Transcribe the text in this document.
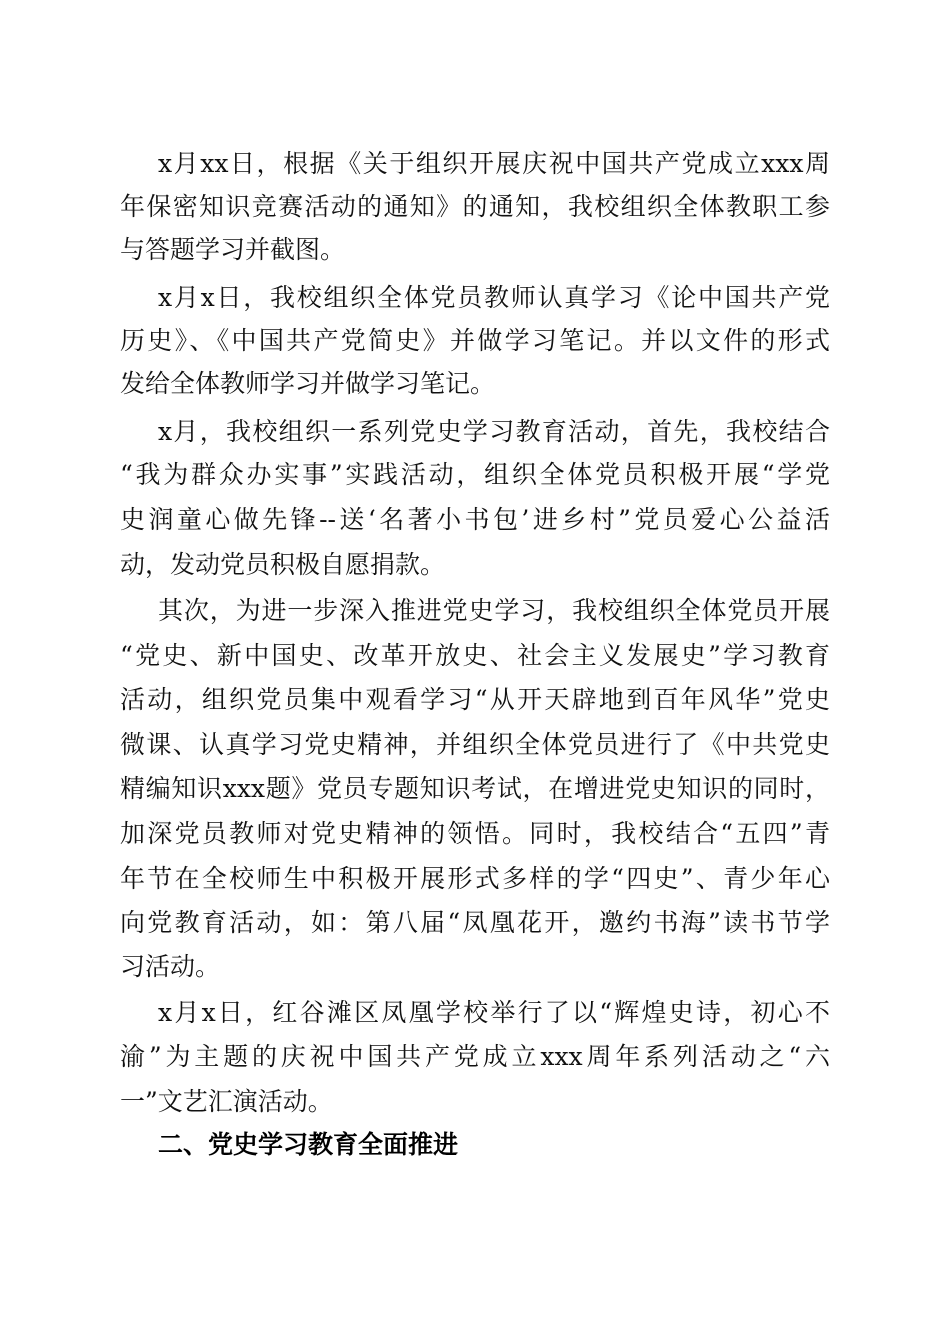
x月xx日，根据《关于组织开展庆祝中国共产党成立xxx周
年保密知识竞赛活动的通知》的通知，我校组织全体教职工参
与答题学习并截图。
x月x日，我校组织全体党员教师认真学习《论中国共产党
历史》、《中国共产党简史》并做学习笔记。并以文件的形式
发给全体教师学习并做学习笔记。
x月，我校组织一系列党史学习教育活动，首先，我校结合
“我为群众办实事”实践活动，组织全体党员积极开展“学党
史润童心做先锋--送‘名著小书包’进乡村”党员爱心公益活
动，发动党员积极自愿捐款。
其次，为进一步深入推进党史学习，我校组织全体党员开展
“党史、新中国史、改革开放史、社会主义发展史”学习教育
活动，组织党员集中观看学习“从开天辟地到百年风华”党史
微课、认真学习党史精神，并组织全体党员进行了《中共党史
精编知识xxx题》党员专题知识考试，在增进党史知识的同时，
加深党员教师对党史精神的领悟。同时，我校结合“五四”青
年节在全校师生中积极开展形式多样的学“四史”、青少年心
向党教育活动，如：第八届“凤凰花开，邀约书海”读书节学
习活动。
x月x日，红谷滩区凤凰学校举行了以“辉煌史诗，初心不
渝”为主题的庆祝中国共产党成立xxx周年系列活动之“六
一”文艺汇演活动。
二、党史学习教育全面推进
